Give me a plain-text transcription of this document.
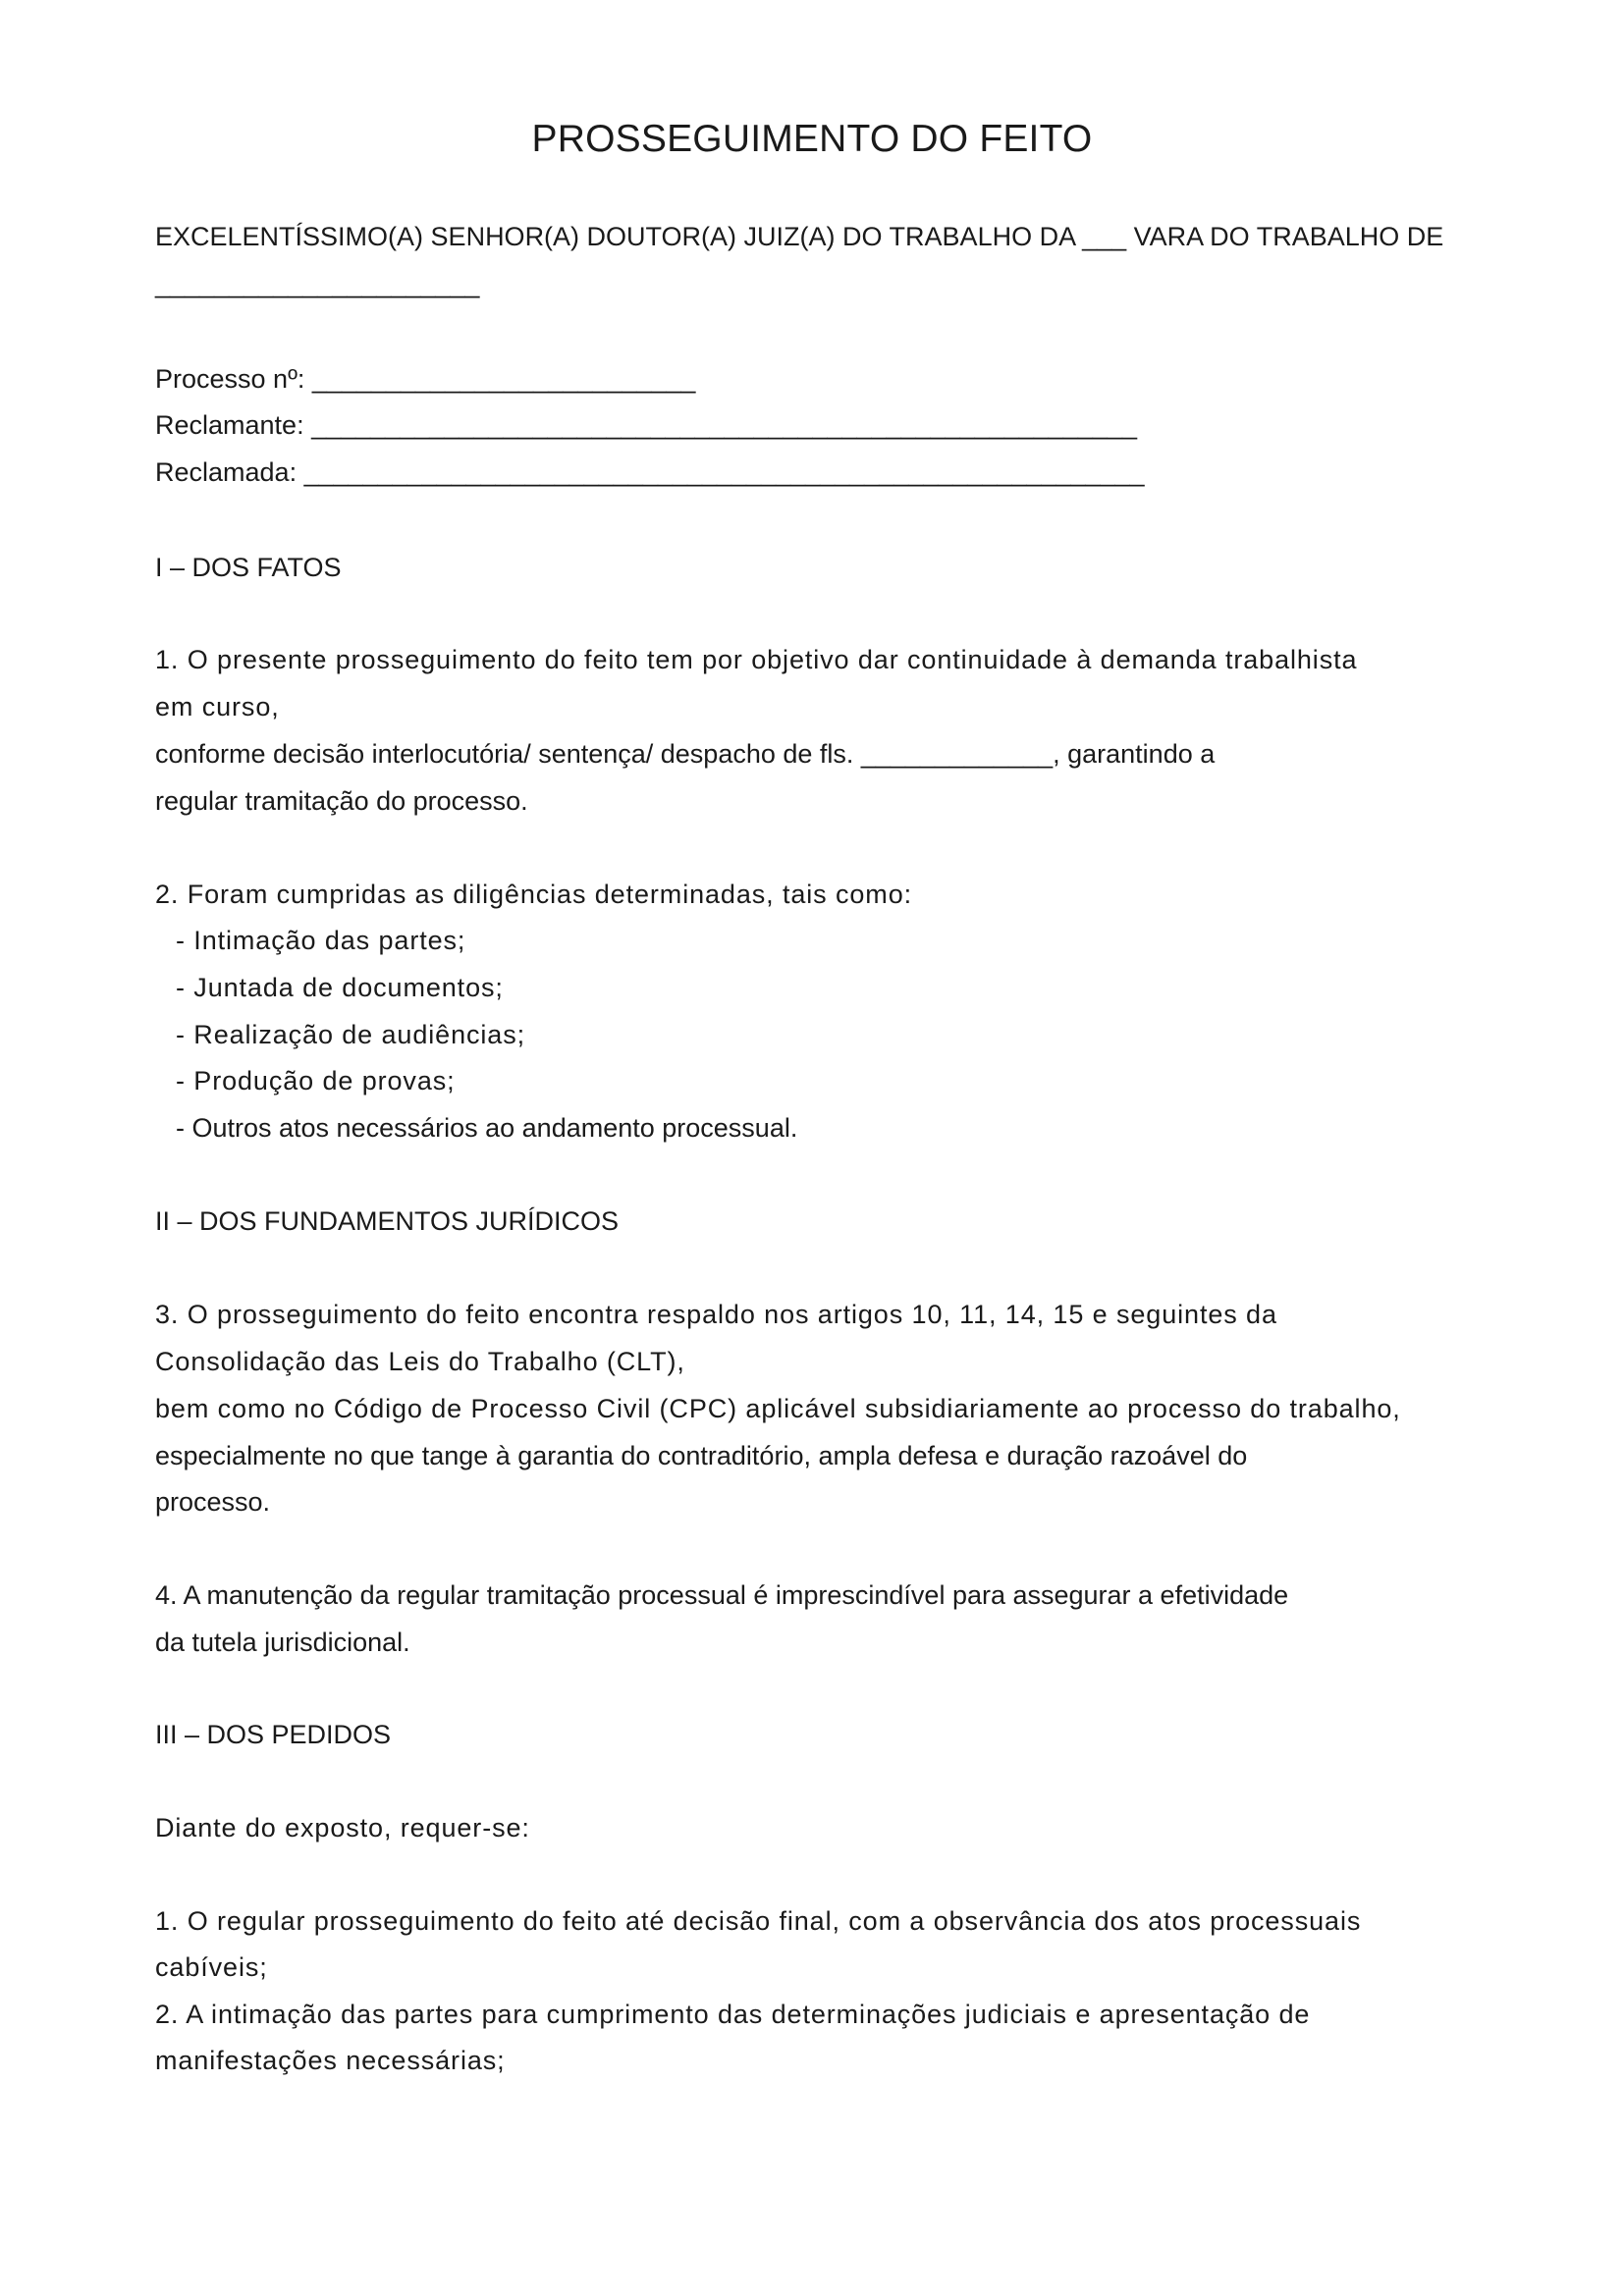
PROSSEGUIMENTO DO FEITO
EXCELENTÍSSIMO(A) SENHOR(A) DOUTOR(A) JUIZ(A) DO TRABALHO DA ___ VARA DO TRABALHO DE
______________________
Processo nº: __________________________
Reclamante: ________________________________________________________
Reclamada: _________________________________________________________
I – DOS FATOS
1. O presente prosseguimento do feito tem por objetivo dar continuidade à demanda trabalhista
em curso,
conforme decisão interlocutória/ sentença/ despacho de fls. _____________, garantindo a
regular tramitação do processo.
2. Foram cumpridas as diligências determinadas, tais como:
- Intimação das partes;
- Juntada de documentos;
- Realização de audiências;
- Produção de provas;
- Outros atos necessários ao andamento processual.
II – DOS FUNDAMENTOS JURÍDICOS
3. O prosseguimento do feito encontra respaldo nos artigos 10, 11, 14, 15 e seguintes da
Consolidação das Leis do Trabalho (CLT),
bem como no Código de Processo Civil (CPC) aplicável subsidiariamente ao processo do trabalho,
especialmente no que tange à garantia do contraditório, ampla defesa e duração razoável do
processo.
4. A manutenção da regular tramitação processual é imprescindível para assegurar a efetividade
da tutela jurisdicional.
III – DOS PEDIDOS
Diante do exposto, requer-se:
1. O regular prosseguimento do feito até decisão final, com a observância dos atos processuais
cabíveis;
2. A intimação das partes para cumprimento das determinações judiciais e apresentação de
manifestações necessárias;
